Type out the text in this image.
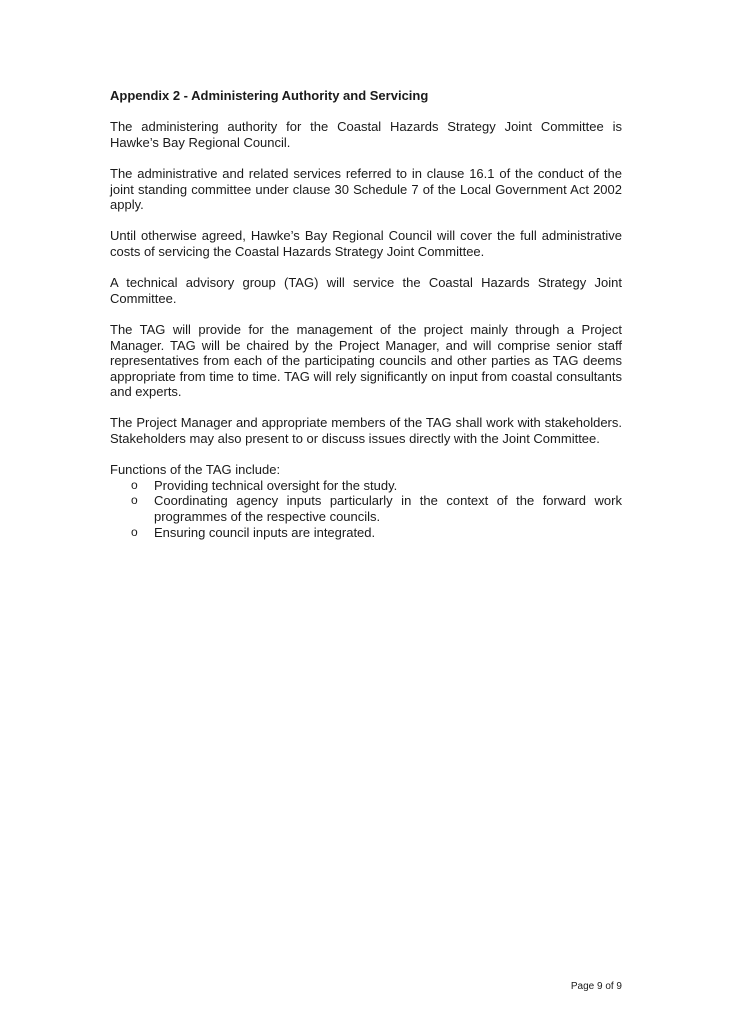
Appendix 2 - Administering Authority and Servicing

The administering authority for the Coastal Hazards Strategy Joint Committee is Hawke’s Bay Regional Council.

The administrative and related services referred to in clause 16.1 of the conduct of the joint standing committee under clause 30 Schedule 7 of the Local Government Act 2002 apply.

Until otherwise agreed, Hawke’s Bay Regional Council will cover the full administrative costs of servicing the Coastal Hazards Strategy Joint Committee.

A technical advisory group (TAG) will service the Coastal Hazards Strategy Joint Committee.

The TAG will provide for the management of the project mainly through a Project Manager. TAG will be chaired by the Project Manager, and will comprise senior staff representatives from each of the participating councils and other parties as TAG deems appropriate from time to time. TAG will rely significantly on input from coastal consultants and experts.

The Project Manager and appropriate members of the TAG shall work with stakeholders. Stakeholders may also present to or discuss issues directly with the Joint Committee.

Functions of the TAG include:
o Providing technical oversight for the study.
o Coordinating agency inputs particularly in the context of the forward work programmes of the respective councils.
o Ensuring council inputs are integrated.
Page 9 of 9
